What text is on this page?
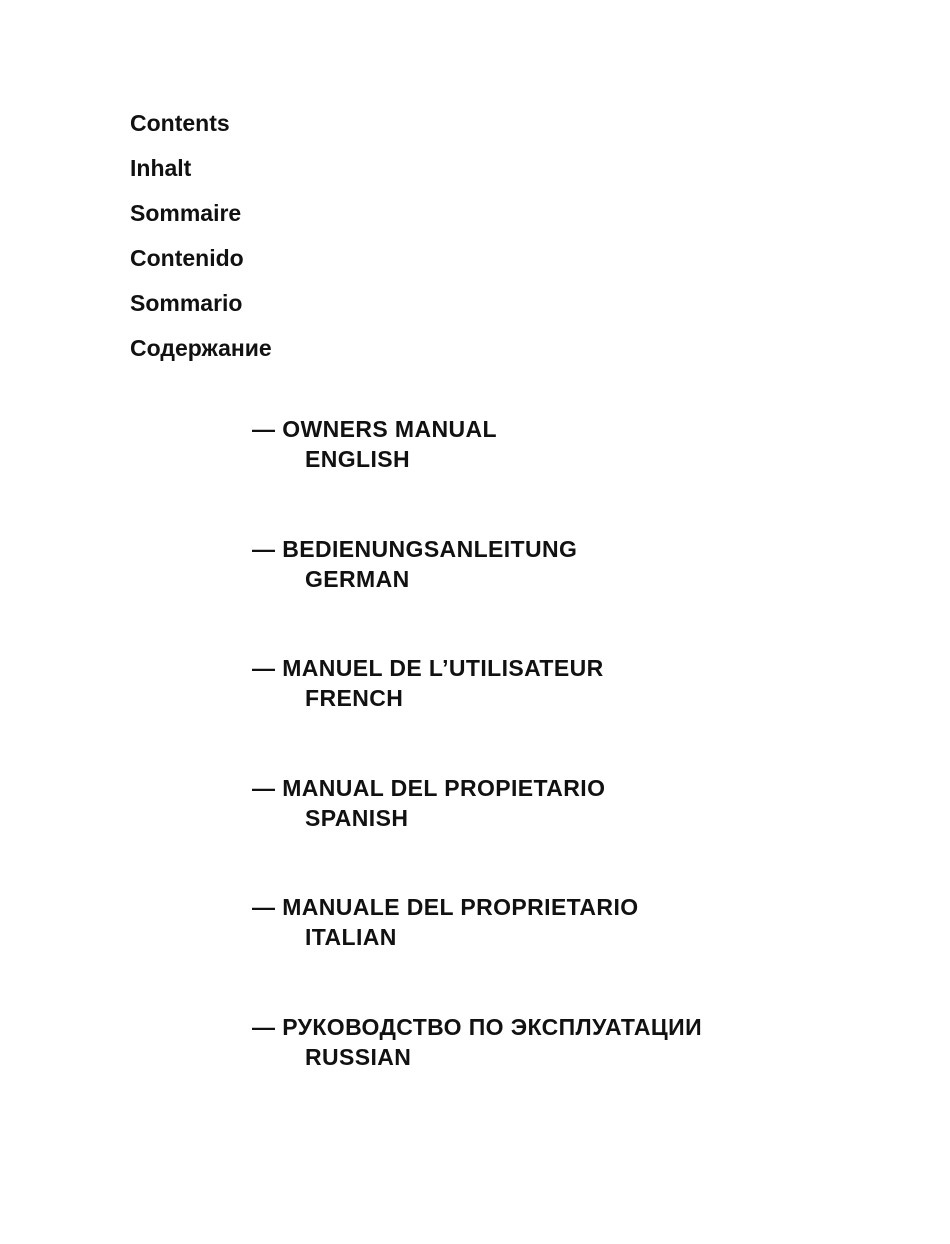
Contents
Inhalt
Sommaire
Contenido
Sommario
Содержание
— OWNERS MANUAL
ENGLISH
— BEDIENUNGSANLEITUNG
GERMAN
— MANUEL DE L’UTILISATEUR
FRENCH
— MANUAL DEL PROPIETARIO
SPANISH
— MANUALE DEL PROPRIETARIO
ITALIAN
— РУКОВОДСТВО ПО ЭКСПЛУАТАЦИИ
RUSSIAN
